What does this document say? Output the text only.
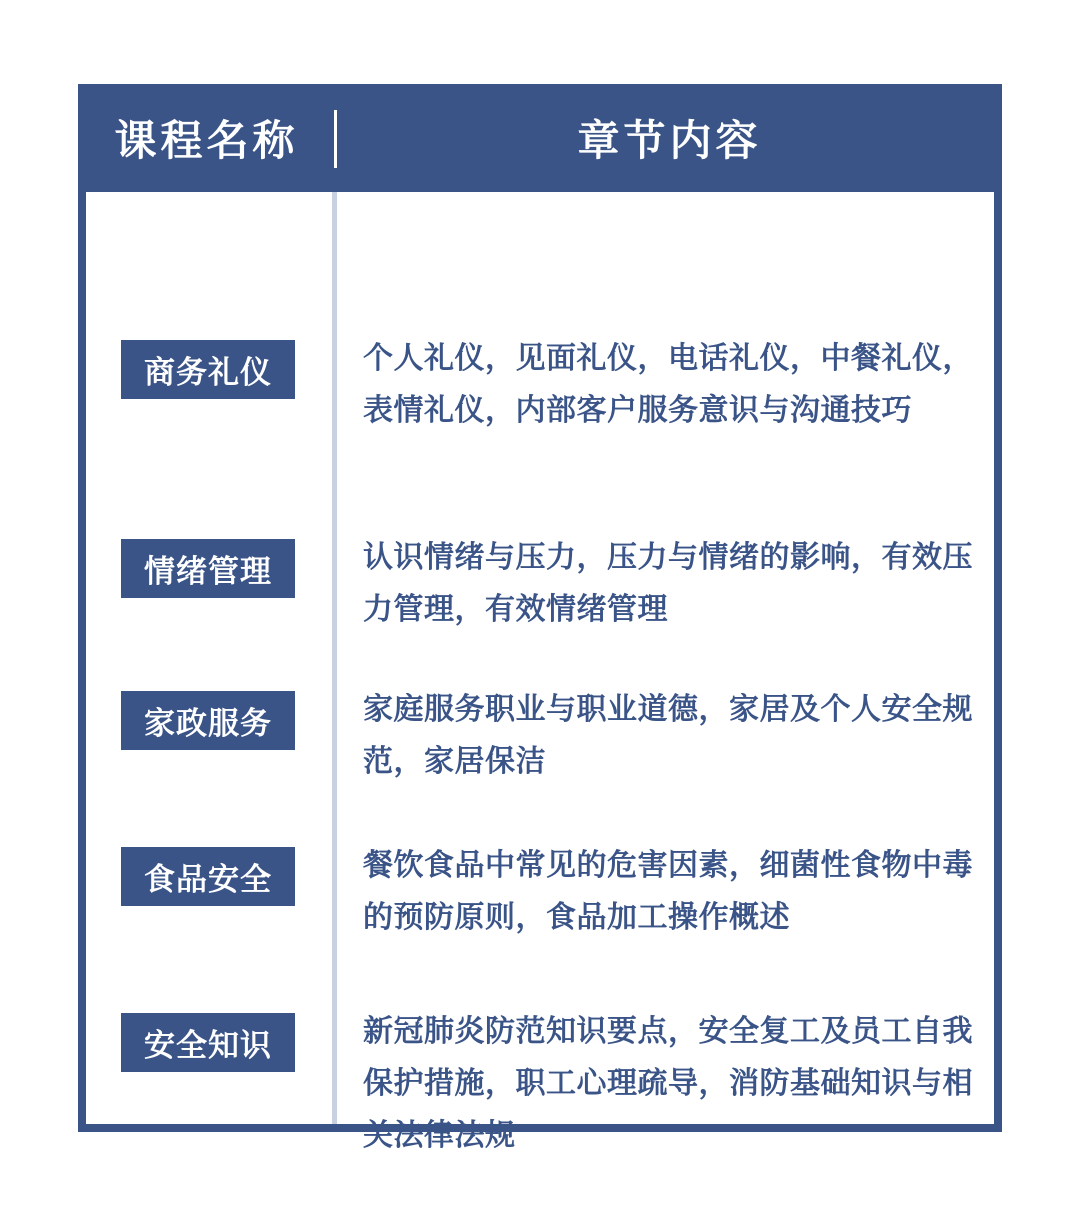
课程名称	章节内容
商务礼仪	个人礼仪，见面礼仪，电话礼仪，中餐礼仪，表情礼仪，内部客户服务意识与沟通技巧
情绪管理	认识情绪与压力，压力与情绪的影响，有效压力管理，有效情绪管理
家政服务	家庭服务职业与职业道德，家居及个人安全规范，家居保洁
食品安全	餐饮食品中常见的危害因素，细菌性食物中毒的预防原则，食品加工操作概述
安全知识	新冠肺炎防范知识要点，安全复工及员工自我保护措施，职工心理疏导，消防基础知识与相关法律法规
